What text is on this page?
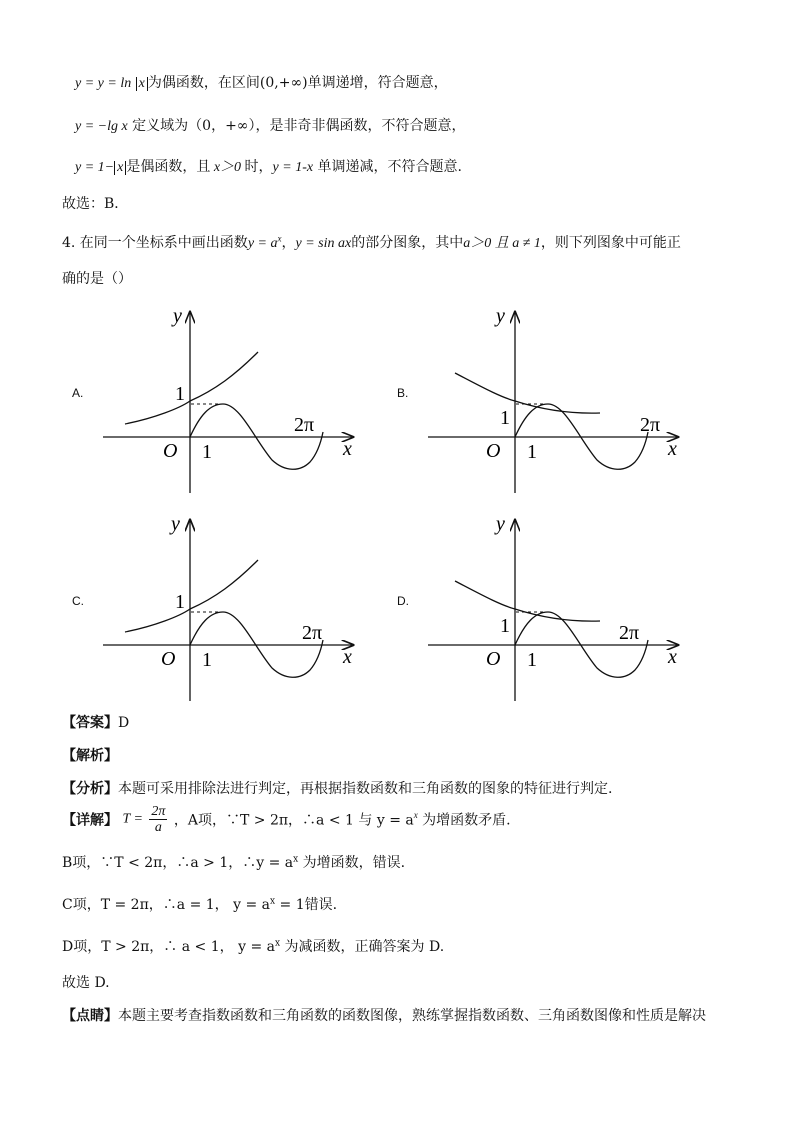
y = y = ln x 为偶函数，在区间(0,+∞)单调递增，符合题意，
y = −lg x 定义域为（0，+∞），是非奇非偶函数，不符合题意，
y = 1− x 是偶函数，且 x＞0 时，y = 1-x 单调递减，不符合题意.
故选：B．
4. 在同一个坐标系中画出函数$y = a^x$，y = sin ax的部分图象，其中a＞0 且 a ≠ 1，则下列图象中可能正
确的是（）
A.	B.
C.	D.
y
x
O 1
1
2π
y
x
O 1
1	2π
y
x
O 1
1
2π
y
x
O 1
1	2π
【答案】D
【解析】
【分析】本题可采用排除法进行判定，再根据指数函数和三角函数的图象的特征进行判定.
【详解】 $T = \frac{2\pi}{a}$ ，A项，∵T > 2π，∴a < 1 与 $y = a^x$ 为增函数矛盾.
B项，∵T < 2π，∴a > 1，∴y = $a^x$ 为增函数，错误.
C项，T = 2π，∴a = 1， $y = a^x = 1$错误.
D项，T > 2π，∴ a < 1， $y = a^x$ 为减函数，正确答案为 D.
故选 D.
【点睛】本题主要考查指数函数和三角函数的函数图像，熟练掌握指数函数、三角函数图像和性质是解决
